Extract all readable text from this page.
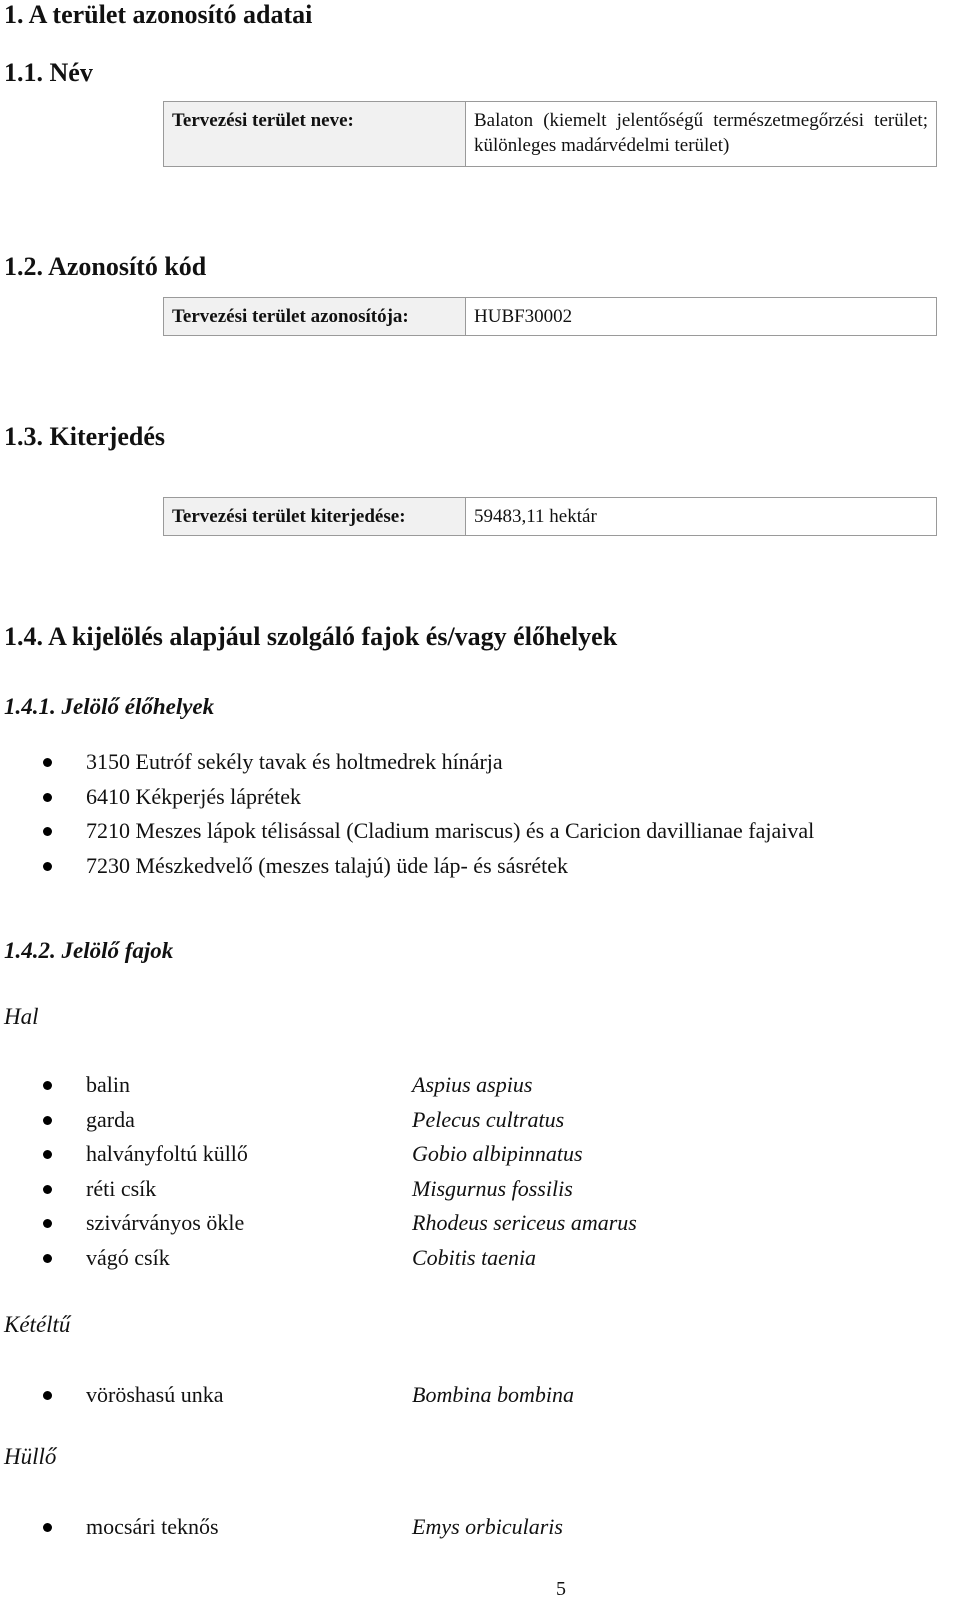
1. A terület azonosító adatai
1.1. Név
Tervezési terület neve:	Balaton (kiemelt jelentőségű természetmegőrzési terület; különleges madárvédelmi terület)
1.2. Azonosító kód
Tervezési terület azonosítója:	HUBF30002
1.3. Kiterjedés
Tervezési terület kiterjedése:	59483,11 hektár
1.4. A kijelölés alapjául szolgáló fajok és/vagy élőhelyek
1.4.1. Jelölő élőhelyek
3150 Eutróf sekély tavak és holtmedrek hínárja
6410 Kékperjés láprétek
7210 Meszes lápok télisással (Cladium mariscus) és a Caricion davillianae fajaival
7230 Mészkedvelő (meszes talajú) üde láp- és sásrétek
1.4.2. Jelölő fajok
Hal
balin	Aspius aspius
garda	Pelecus cultratus
halványfoltú küllő	Gobio albipinnatus
réti csík	Misgurnus fossilis
szivárványos ökle	Rhodeus sericeus amarus
vágó csík	Cobitis taenia
Kétéltű
vöröshasú unka	Bombina bombina
Hüllő
mocsári teknős	Emys orbicularis
5
